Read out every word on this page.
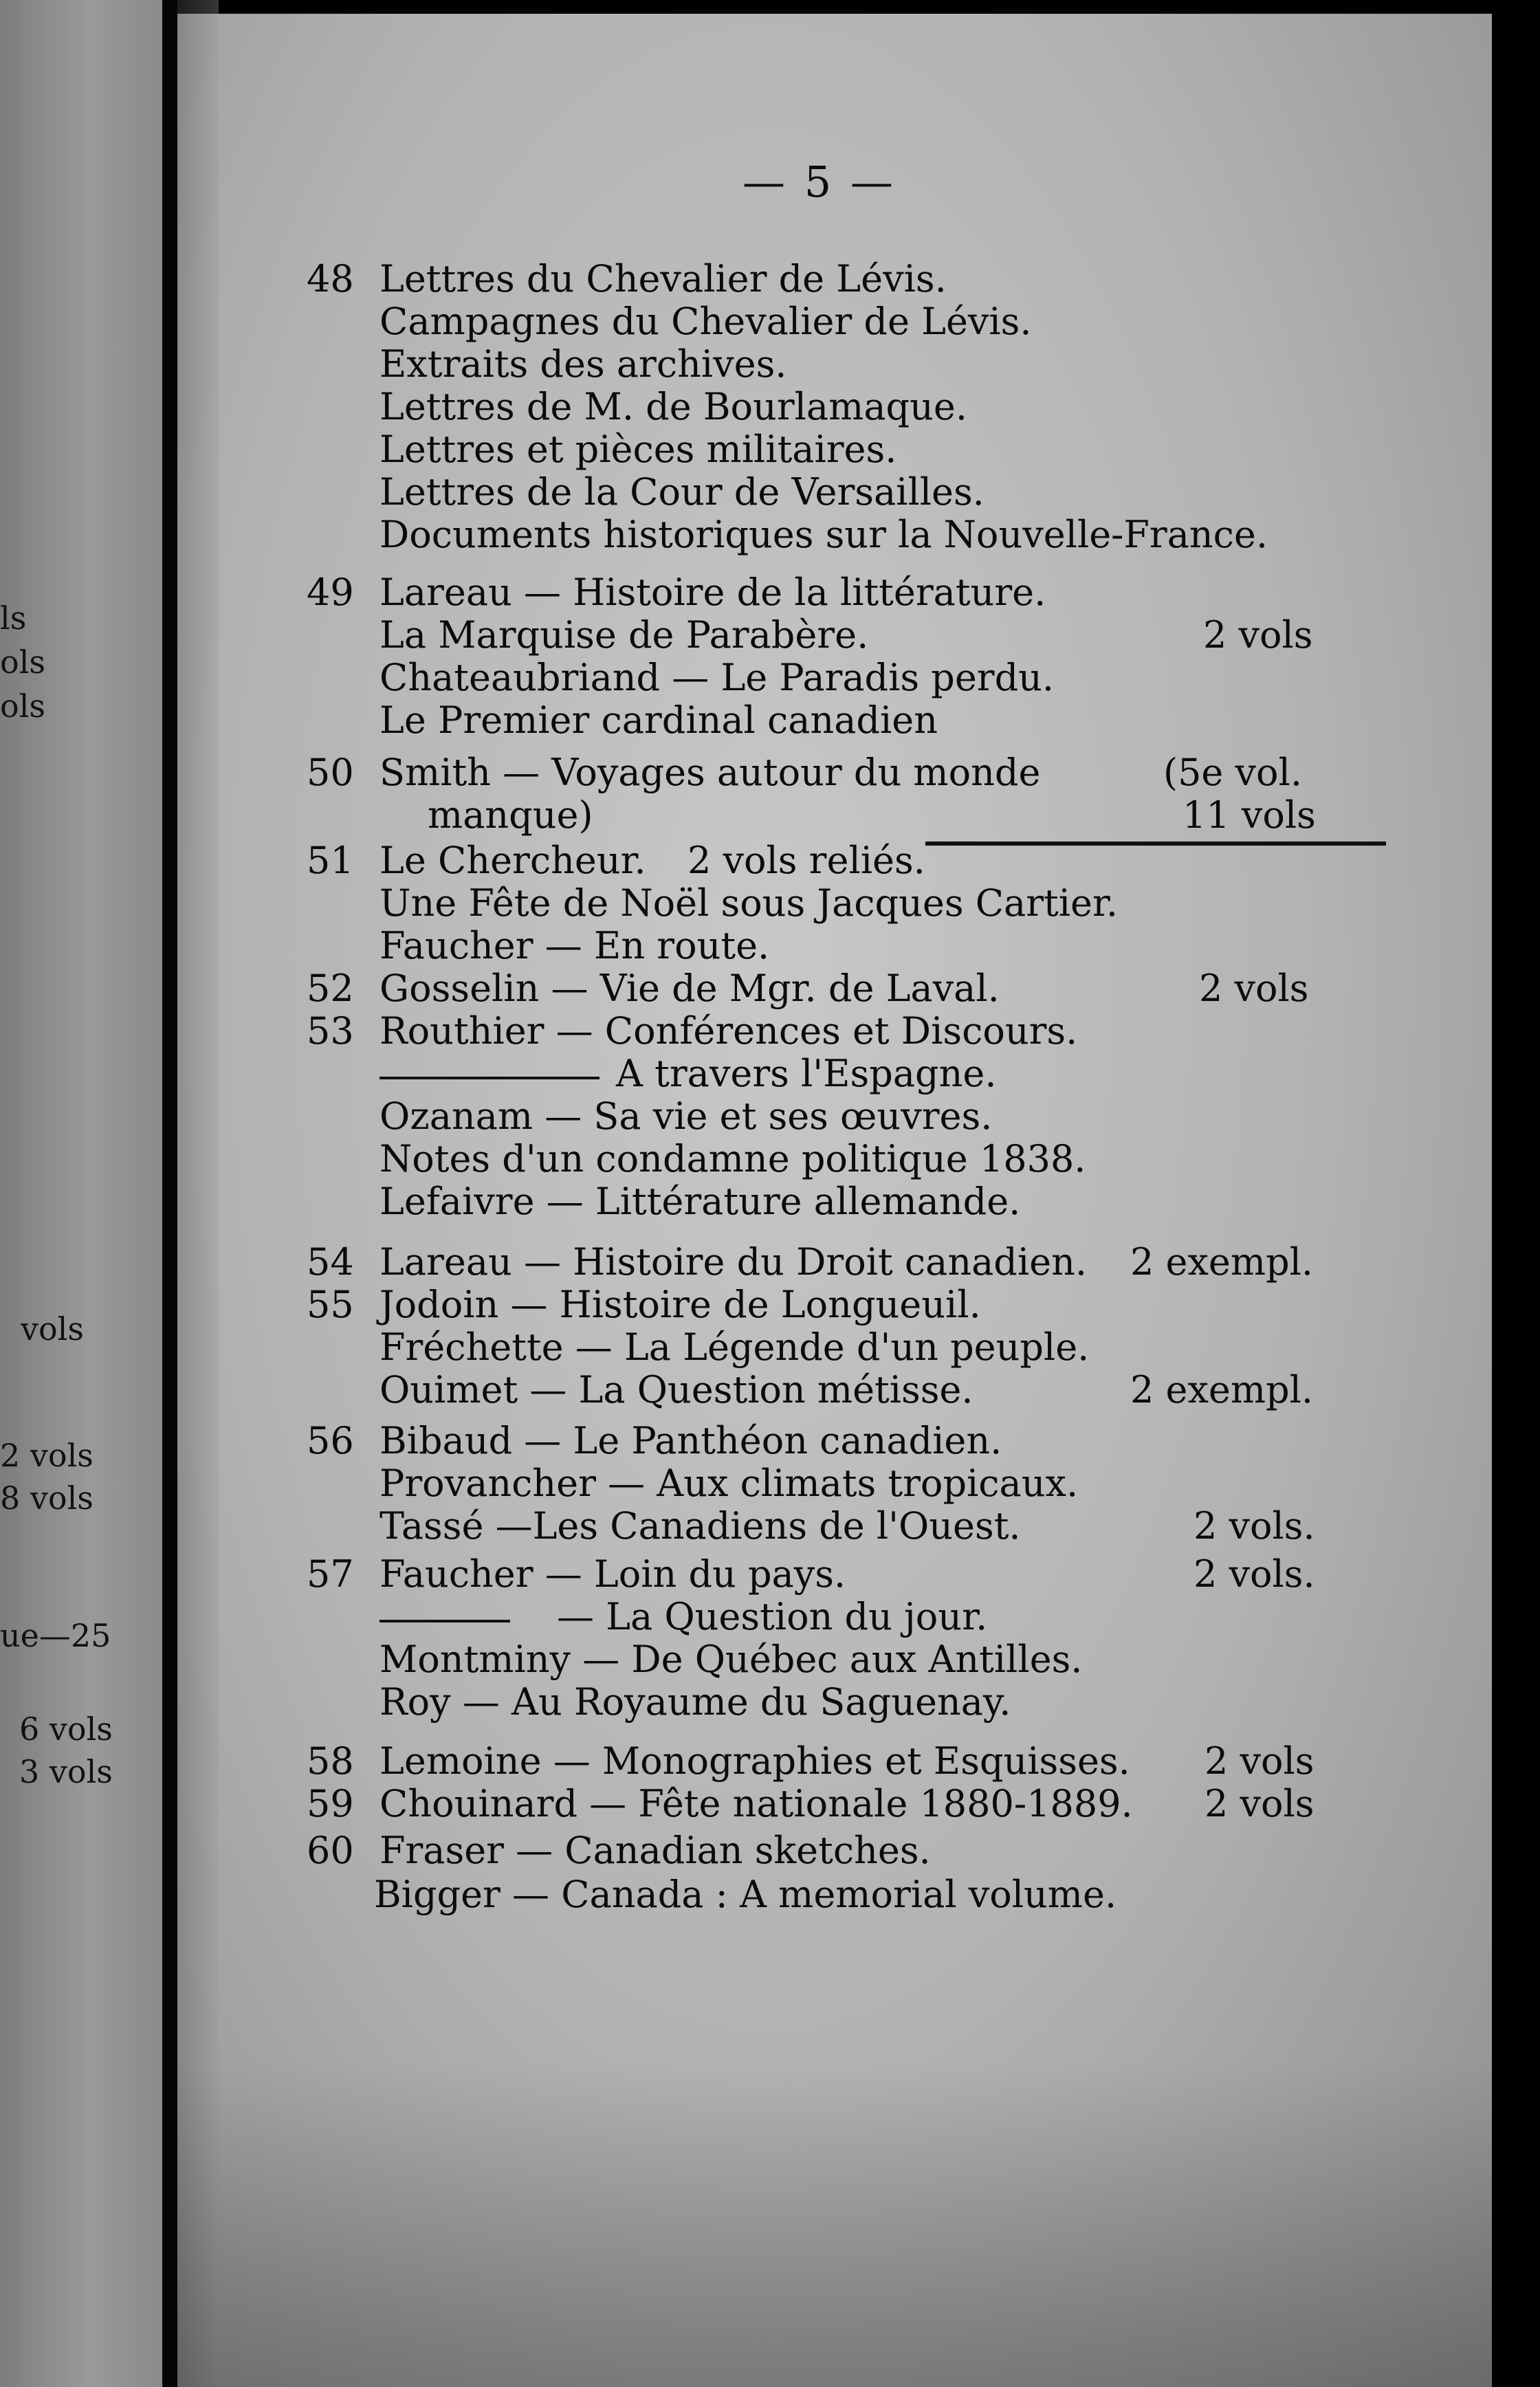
ls
ols
ols
vols
2 vols
8 vols
ue—25
6 vols
3 vols
— 5 —
48 Lettres du Chevalier de Lévis.
Campagnes du Chevalier de Lévis.
Extraits des archives.
Lettres de M. de Bourlamaque.
Lettres et pièces militaires.
Lettres de la Cour de Versailles.
Documents historiques sur la Nouvelle-France.
49 Lareau — Histoire de la littérature.
La Marquise de Parabère.	2 vols
Chateaubriand — Le Paradis perdu.
Le Premier cardinal canadien
50 Smith — Voyages autour du monde	(5e vol.
manque)	11 vols
51 Le Chercheur. 2 vols reliés.
Une Fête de Noël sous Jacques Cartier.
Faucher — En route.
52 Gosselin — Vie de Mgr. de Laval.	2 vols
53 Routhier — Conférences et Discours.
A travers l'Espagne.
Ozanam — Sa vie et ses œuvres.
Notes d'un condamne politique 1838.
Lefaivre — Littérature allemande.
54 Lareau — Histoire du Droit canadien. 2 exempl.
55 Jodoin — Histoire de Longueuil.
Fréchette — La Légende d'un peuple.
Ouimet — La Question métisse.	2 exempl.
56 Bibaud — Le Panthéon canadien.
Provancher — Aux climats tropicaux.
Tassé —Les Canadiens de l'Ouest.	2 vols.
57 Faucher — Loin du pays.	2 vols.
— La Question du jour.
Montminy — De Québec aux Antilles.
Roy — Au Royaume du Saguenay.
58 Lemoine — Monographies et Esquisses. 2 vols
59 Chouinard — Fête nationale 1880-1889. 2 vols
60 Fraser — Canadian sketches.
Bigger — Canada : A memorial volume.
